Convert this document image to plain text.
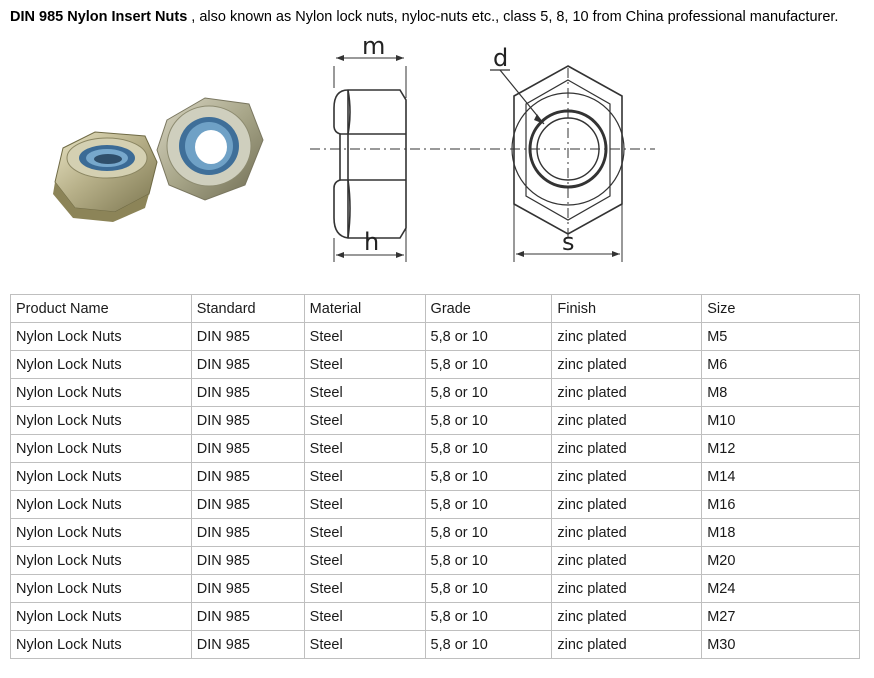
DIN 985 Nylon Insert Nuts , also known as Nylon lock nuts, nyloc-nuts etc., class 5, 8, 10 from China professional manufacturer.
m
h
d
s
Product Name	Standard	Material	Grade	Finish	Size
Nylon Lock Nuts	DIN 985	Steel	5,8 or 10	zinc plated	M5
Nylon Lock Nuts	DIN 985	Steel	5,8 or 10	zinc plated	M6
Nylon Lock Nuts	DIN 985	Steel	5,8 or 10	zinc plated	M8
Nylon Lock Nuts	DIN 985	Steel	5,8 or 10	zinc plated	M10
Nylon Lock Nuts	DIN 985	Steel	5,8 or 10	zinc plated	M12
Nylon Lock Nuts	DIN 985	Steel	5,8 or 10	zinc plated	M14
Nylon Lock Nuts	DIN 985	Steel	5,8 or 10	zinc plated	M16
Nylon Lock Nuts	DIN 985	Steel	5,8 or 10	zinc plated	M18
Nylon Lock Nuts	DIN 985	Steel	5,8 or 10	zinc plated	M20
Nylon Lock Nuts	DIN 985	Steel	5,8 or 10	zinc plated	M24
Nylon Lock Nuts	DIN 985	Steel	5,8 or 10	zinc plated	M27
Nylon Lock Nuts	DIN 985	Steel	5,8 or 10	zinc plated	M30
